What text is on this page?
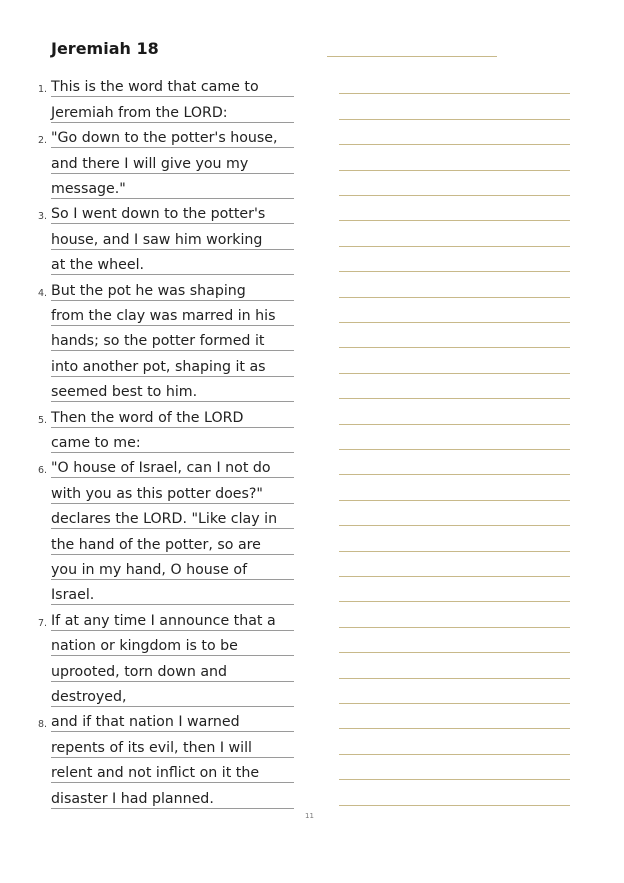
Jeremiah 18
1. This is the word that came to
Jeremiah from the LORD:
2. "Go down to the potter's house,
and there I will give you my
message."
3. So I went down to the potter's
house, and I saw him working
at the wheel.
4. But the pot he was shaping
from the clay was marred in his
hands; so the potter formed it
into another pot, shaping it as
seemed best to him.
5. Then the word of the LORD
came to me:
6. "O house of Israel, can I not do
with you as this potter does?"
declares the LORD. "Like clay in
the hand of the potter, so are
you in my hand, O house of
Israel.
7. If at any time I announce that a
nation or kingdom is to be
uprooted, torn down and
destroyed,
8. and if that nation I warned
repents of its evil, then I will
relent and not inflict on it the
disaster I had planned.
11
